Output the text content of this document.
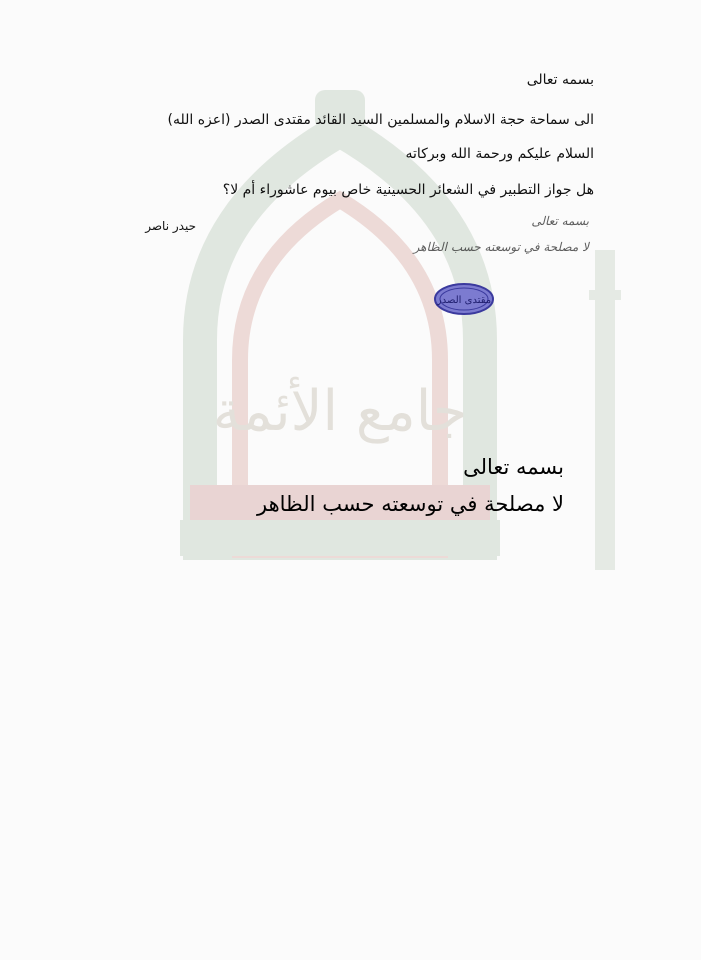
جامع الأئمة
بسمه تعالى
الى سماحة حجة الاسلام والمسلمين السيد القائد مقتدى الصدر (اعزه الله)
السلام عليكم ورحمة الله وبركاته
هل جواز التطبير في الشعائر الحسينية خاص بيوم عاشوراء أم لا؟
حيدر ناصر	بسمه تعالى
لا مصلحة في توسعته حسب الظاهر
مقتدى الصدر
بسمه تعالى
لا مصلحة في توسعته حسب الظاهر
